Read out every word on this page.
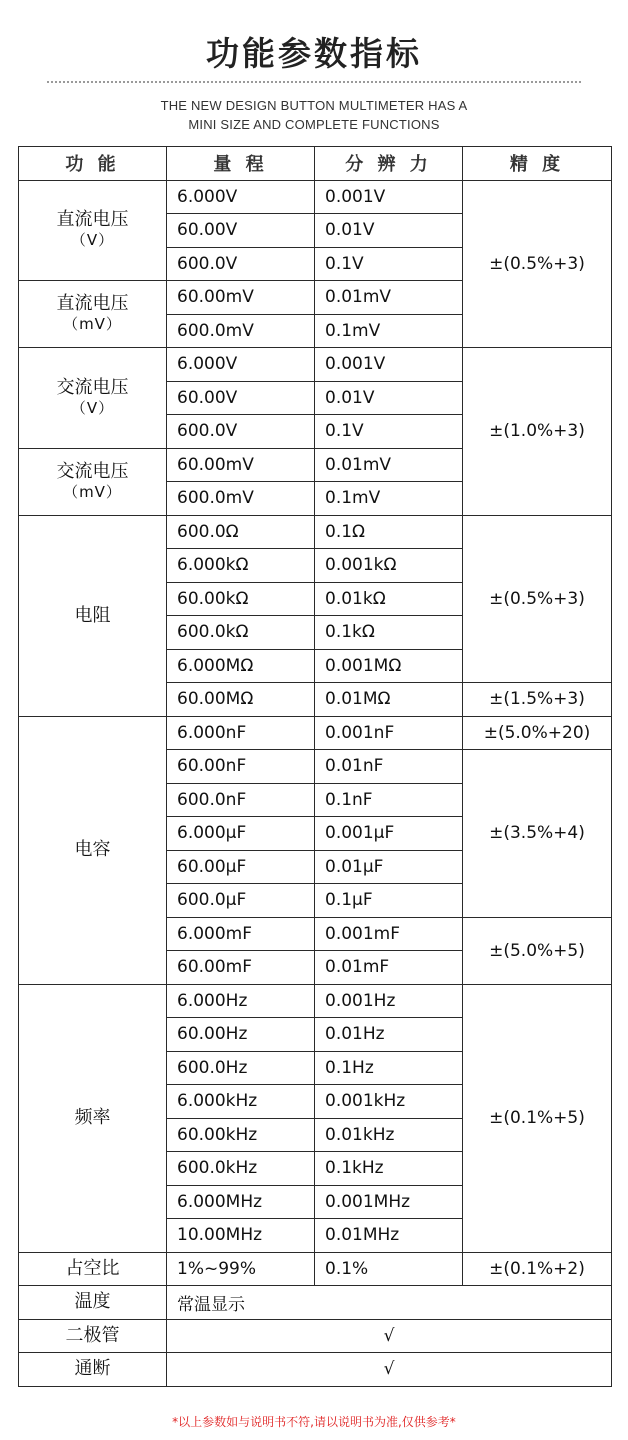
功能参数指标
THE NEW DESIGN BUTTON MULTIMETER HAS A
MINI SIZE AND COMPLETE FUNCTIONS
功 能	量 程	分 辨 力	精 度
直流电压
（V）	6.000V	0.001V	±(0.5%+3)
	60.00V	0.01V	
	600.0V	0.1V	
直流电压
（mV）	60.00mV	0.01mV	
	600.0mV	0.1mV	
交流电压
（V）	6.000V	0.001V	±(1.0%+3)
	60.00V	0.01V	
	600.0V	0.1V	
交流电压
（mV）	60.00mV	0.01mV	
	600.0mV	0.1mV	
电阻	600.0Ω	0.1Ω	±(0.5%+3)
	6.000kΩ	0.001kΩ	
	60.00kΩ	0.01kΩ	
	600.0kΩ	0.1kΩ	
	6.000MΩ	0.001MΩ	
	60.00MΩ	0.01MΩ	±(1.5%+3)
电容	6.000nF	0.001nF	±(5.0%+20)
	60.00nF	0.01nF	±(3.5%+4)
	600.0nF	0.1nF	
	6.000μF	0.001μF	
	60.00μF	0.01μF	
	600.0μF	0.1μF	
	6.000mF	0.001mF	±(5.0%+5)
	60.00mF	0.01mF	
频率	6.000Hz	0.001Hz	±(0.1%+5)
	60.00Hz	0.01Hz	
	600.0Hz	0.1Hz	
	6.000kHz	0.001kHz	
	60.00kHz	0.01kHz	
	600.0kHz	0.1kHz	
	6.000MHz	0.001MHz	
	10.00MHz	0.01MHz	
占空比	1%~99%	0.1%	±(0.1%+2)
温度	常温显示		
二极管	√		
通断	√		
*以上参数如与说明书不符,请以说明书为准,仅供参考*
